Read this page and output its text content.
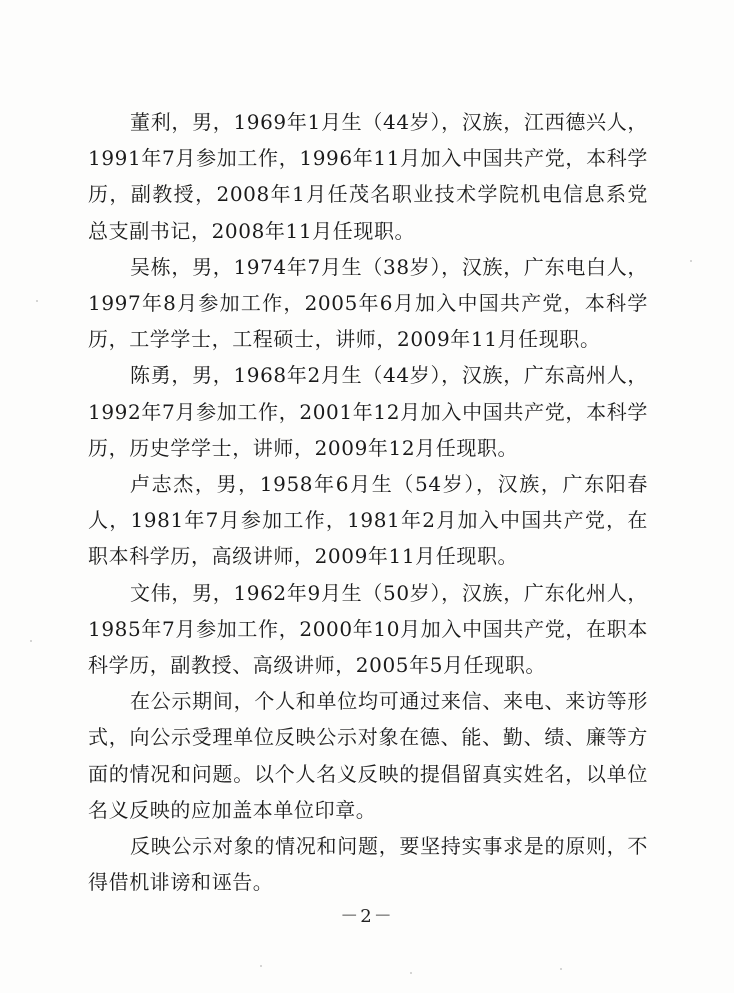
董利，男，1969年1月生（44岁），汉族，江西德兴人，1991年7月参加工作，1996年11月加入中国共产党，本科学历，副教授，2008年1月任茂名职业技术学院机电信息系党总支副书记，2008年11月任现职。

吴栋，男，1974年7月生（38岁），汉族，广东电白人，1997年8月参加工作，2005年6月加入中国共产党，本科学历，工学学士，工程硕士，讲师，2009年11月任现职。

陈勇，男，1968年2月生（44岁），汉族，广东高州人，1992年7月参加工作，2001年12月加入中国共产党，本科学历，历史学学士，讲师，2009年12月任现职。

卢志杰，男，1958年6月生（54岁），汉族，广东阳春人，1981年7月参加工作，1981年2月加入中国共产党，在职本科学历，高级讲师，2009年11月任现职。

文伟，男，1962年9月生（50岁），汉族，广东化州人，1985年7月参加工作，2000年10月加入中国共产党，在职本科学历，副教授、高级讲师，2005年5月任现职。

在公示期间，个人和单位均可通过来信、来电、来访等形式，向公示受理单位反映公示对象在德、能、勤、绩、廉等方面的情况和问题。以个人名义反映的提倡留真实姓名，以单位名义反映的应加盖本单位印章。

反映公示对象的情况和问题，要坚持实事求是的原则，不得借机诽谤和诬告。

－2－
